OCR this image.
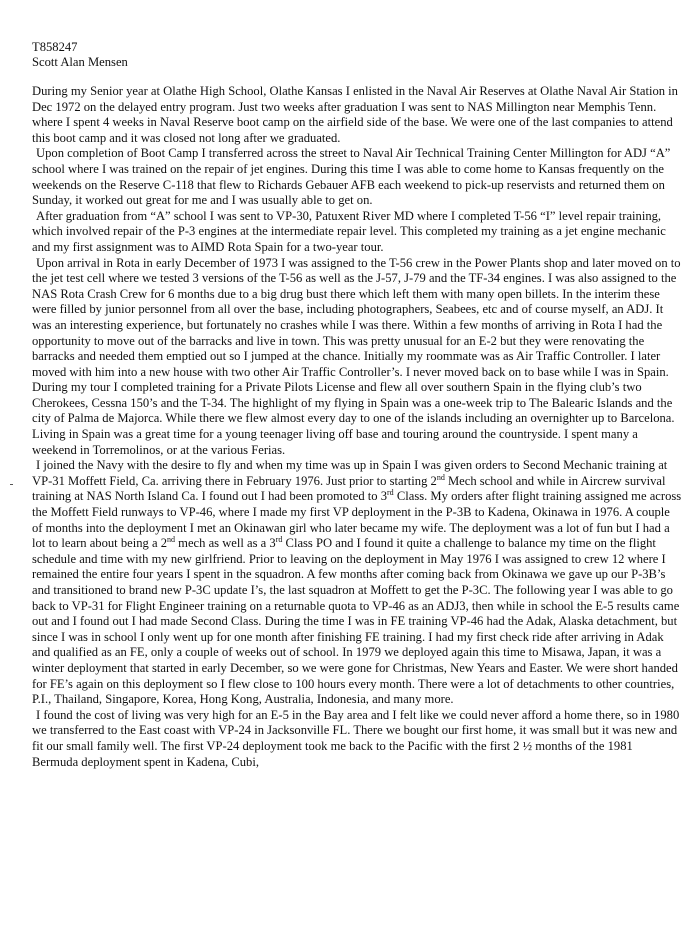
T858247
Scott Alan Mensen

During my Senior year at Olathe High School, Olathe Kansas I enlisted in the Naval Air Reserves at Olathe Naval Air Station in Dec 1972 on the delayed entry program. Just two weeks after graduation I was sent to NAS Millington near Memphis Tenn. where I spent 4 weeks in Naval Reserve boot camp on the airfield side of the base. We were one of the last companies to attend this boot camp and it was closed not long after we graduated.

Upon completion of Boot Camp I transferred across the street to Naval Air Technical Training Center Millington for ADJ “A” school where I was trained on the repair of jet engines. During this time I was able to come home to Kansas frequently on the weekends on the Reserve C-118 that flew to Richards Gebauer AFB each weekend to pick-up reservists and returned them on Sunday, it worked out great for me and I was usually able to get on.

After graduation from “A” school I was sent to VP-30, Patuxent River MD where I completed T-56 “I” level repair training, which involved repair of the P-3 engines at the intermediate repair level. This completed my training as a jet engine mechanic and my first assignment was to AIMD Rota Spain for a two-year tour.

Upon arrival in Rota in early December of 1973 I was assigned to the T-56 crew in the Power Plants shop and later moved on to the jet test cell where we tested 3 versions of the T-56 as well as the J-57, J-79 and the TF-34 engines. I was also assigned to the NAS Rota Crash Crew for 6 months due to a big drug bust there which left them with many open billets. In the interim these were filled by junior personnel from all over the base, including photographers, Seabees, etc and of course myself, an ADJ. It was an interesting experience, but fortunately no crashes while I was there. Within a few months of arriving in Rota I had the opportunity to move out of the barracks and live in town. This was pretty unusual for an E-2 but they were renovating the barracks and needed them emptied out so I jumped at the chance. Initially my roommate was as Air Traffic Controller. I later moved with him into a new house with two other Air Traffic Controller’s. I never moved back on to base while I was in Spain. During my tour I completed training for a Private Pilots License and flew all over southern Spain in the flying club’s two Cherokees, Cessna 150’s and the T-34. The highlight of my flying in Spain was a one-week trip to The Balearic Islands and the city of Palma de Majorca. While there we flew almost every day to one of the islands including an overnighter up to Barcelona. Living in Spain was a great time for a young teenager living off base and touring around the countryside. I spent many a weekend in Torremolinos, or at the various Ferias.

I joined the Navy with the desire to fly and when my time was up in Spain I was given orders to Second Mechanic training at VP-31 Moffett Field, Ca. arriving there in February 1976. Just prior to starting 2nd Mech school and while in Aircrew survival training at NAS North Island Ca. I found out I had been promoted to 3rd Class. My orders after flight training assigned me across the Moffett Field runways to VP-46, where I made my first VP deployment in the P-3B to Kadena, Okinawa in 1976. A couple of months into the deployment I met an Okinawan girl who later became my wife. The deployment was a lot of fun but I had a lot to learn about being a 2nd mech as well as a 3rd Class PO and I found it quite a challenge to balance my time on the flight schedule and time with my new girlfriend. Prior to leaving on the deployment in May 1976 I was assigned to crew 12 where I remained the entire four years I spent in the squadron. A few months after coming back from Okinawa we gave up our P-3B’s and transitioned to brand new P-3C update I’s, the last squadron at Moffett to get the P-3C. The following year I was able to go back to VP-31 for Flight Engineer training on a returnable quota to VP-46 as an ADJ3, then while in school the E-5 results came out and I found out I had made Second Class. During the time I was in FE training VP-46 had the Adak, Alaska detachment, but since I was in school I only went up for one month after finishing FE training. I had my first check ride after arriving in Adak and qualified as an FE, only a couple of weeks out of school. In 1979 we deployed again this time to Misawa, Japan, it was a winter deployment that started in early December, so we were gone for Christmas, New Years and Easter. We were short handed for FE’s again on this deployment so I flew close to 100 hours every month. There were a lot of detachments to other countries, P.I., Thailand, Singapore, Korea, Hong Kong, Australia, Indonesia, and many more.

I found the cost of living was very high for an E-5 in the Bay area and I felt like we could never afford a home there, so in 1980 we transferred to the East coast with VP-24 in Jacksonville FL. There we bought our first home, it was small but it was new and fit our small family well. The first VP-24 deployment took me back to the Pacific with the first 2 ½ months of the 1981 Bermuda deployment spent in Kadena, Cubi,
